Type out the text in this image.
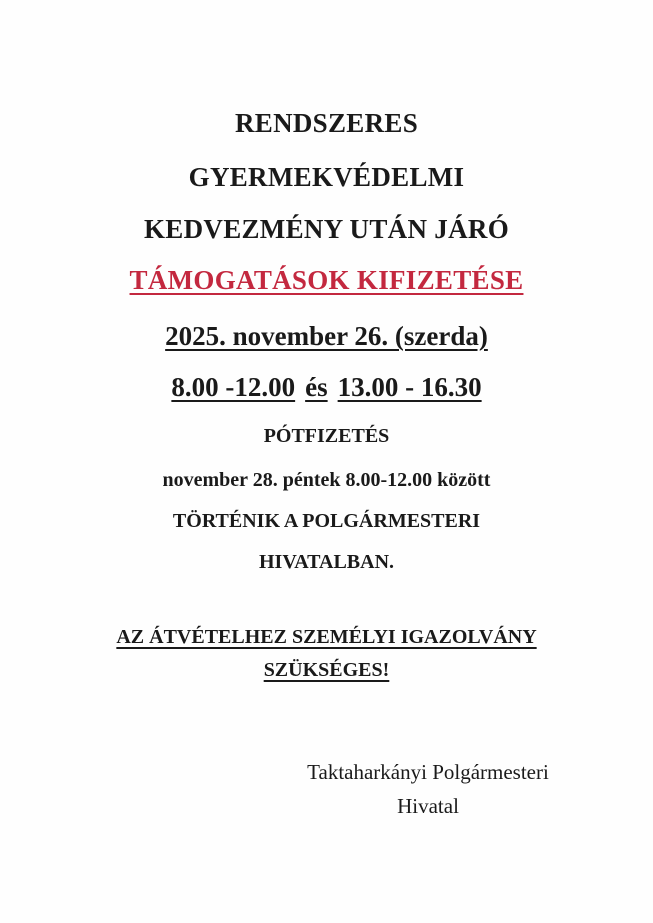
RENDSZERES
GYERMEKVÉDELMI
KEDVEZMÉNY UTÁN JÁRÓ
TÁMOGATÁSOK KIFIZETÉSE
2025. november 26. (szerda)
8.00 -12.00 és 13.00 - 16.30
PÓTFIZETÉS
november 28. péntek 8.00-12.00 között
TÖRTÉNIK A POLGÁRMESTERI
HIVATALBAN.
AZ ÁTVÉTELHEZ SZEMÉLYI IGAZOLVÁNY
SZÜKSÉGES!
Taktaharkányi Polgármesteri
Hivatal
